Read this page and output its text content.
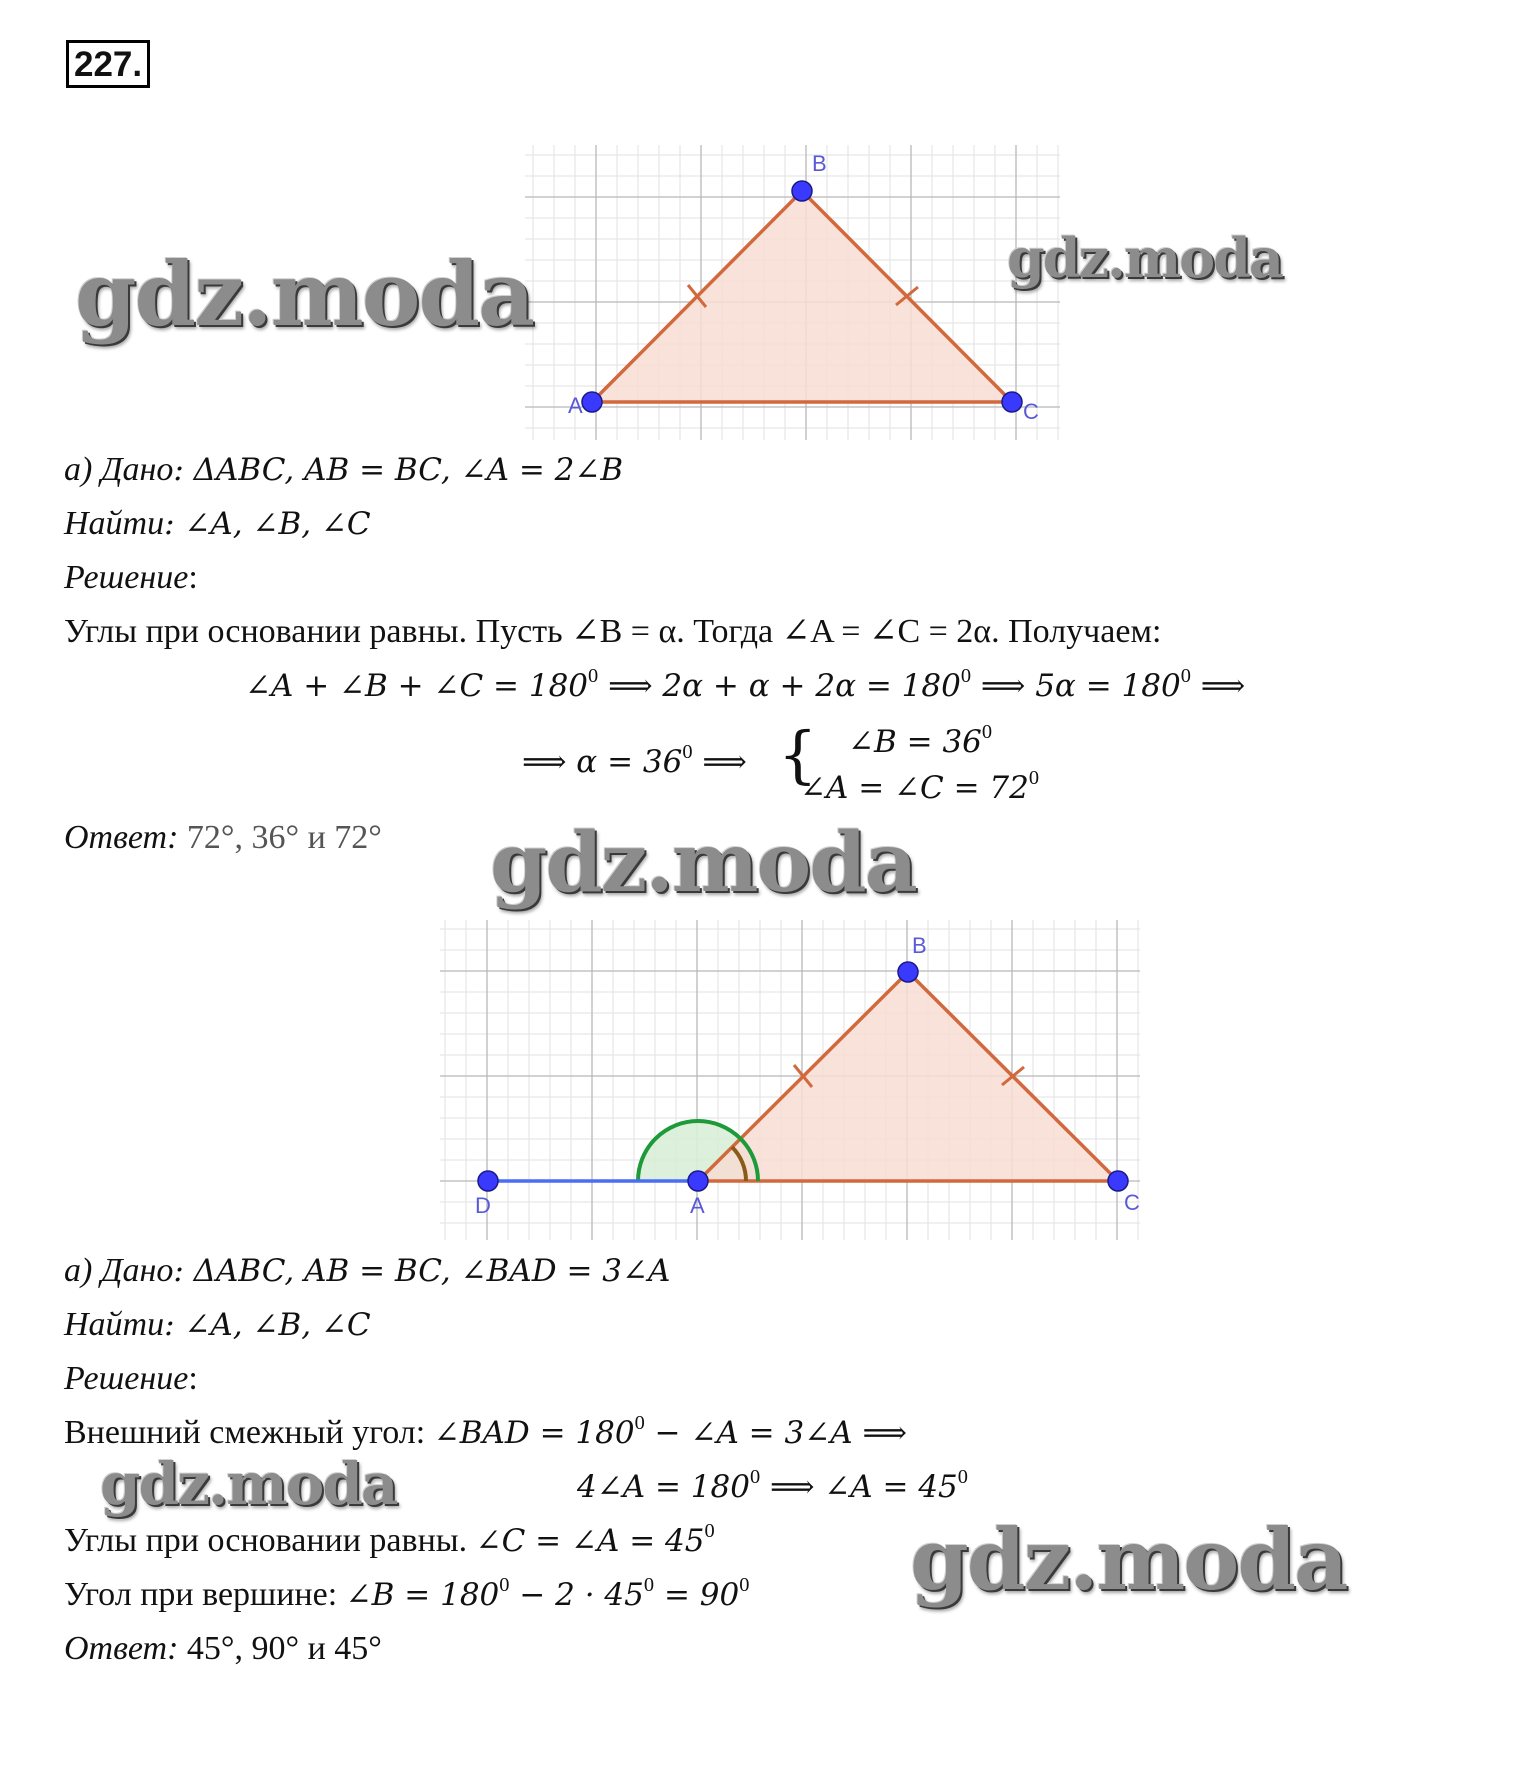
227.
A
B
C
gdz.moda	gdz.moda
а) Дано: ΔABC, AB = BC, ∠A = 2∠B
Найти: ∠A, ∠B, ∠C
Решение:
Углы при основании равны. Пусть ∠B = α. Тогда ∠A = ∠C = 2α. Получаем:
∠A + ∠B + ∠C = $180^0$ ⟹ $2\alpha + \alpha + 2\alpha = 180^0$ ⟹ $5\alpha = 180^0$ ⟹
⟹ $\alpha = 36^0$ ⟹ { ∠B = $36^0$
∠A = ∠C = $72^0$
Ответ: 72°, 36° и 72° gdz.moda
D	A
B
C
а) Дано: ΔABC, AB = BC, ∠BAD = 3∠A
Найти: ∠A, ∠B, ∠C
Решение:
Внешний смежный угол: ∠BAD = $180^0$ − ∠A = 3∠A ⟹
4∠A = $180^0$ ⟹ ∠A = $45^0$
gdz.moda
Углы при основании равны. ∠C = ∠A = $45^0$
Угол при вершине: ∠B = $180^0 - 2 \cdot 45^0 = 90^0$ gdz.moda
Ответ: 45°, 90° и 45°
